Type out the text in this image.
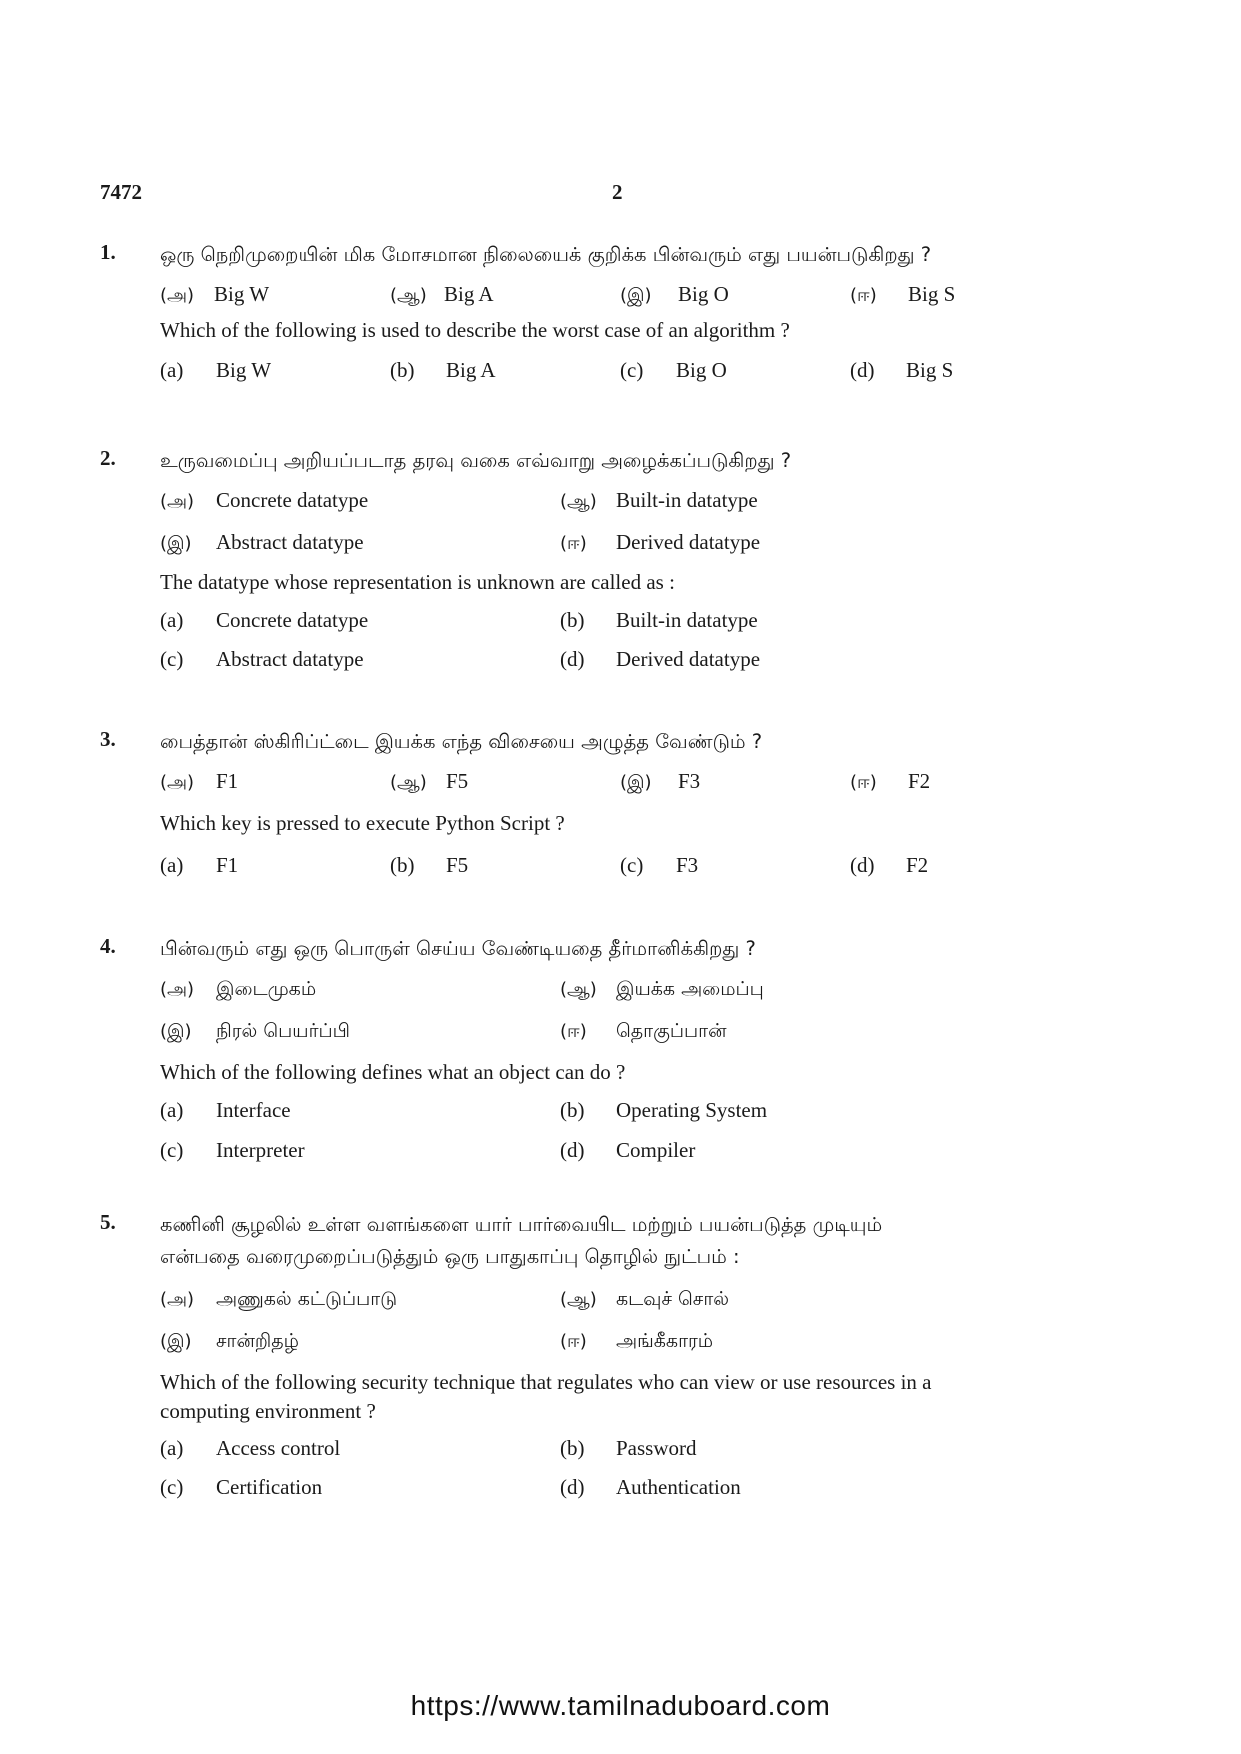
7472	2
1. ஒரு நெறிமுறையின் மிக மோசமான நிலையைக் குறிக்க பின்வரும் எது பயன்படுகிறது ?
(அ) Big W	(ஆ) Big A	(இ) Big O	(ஈ) Big S
Which of the following is used to describe the worst case of an algorithm ?
(a) Big W	(b) Big A	(c) Big O	(d) Big S
2. உருவமைப்பு அறியப்படாத தரவு வகை எவ்வாறு அழைக்கப்படுகிறது ?
(அ) Concrete datatype	(ஆ) Built-in datatype
(இ) Abstract datatype	(ஈ) Derived datatype
The datatype whose representation is unknown are called as :
(a) Concrete datatype	(b) Built-in datatype
(c) Abstract datatype	(d) Derived datatype
3. பைத்தான் ஸ்கிரிப்ட்டை இயக்க எந்த விசையை அழுத்த வேண்டும் ?
(அ) F1	(ஆ) F5	(இ) F3	(ஈ) F2
Which key is pressed to execute Python Script ?
(a) F1	(b) F5	(c) F3	(d) F2
4. பின்வரும் எது ஒரு பொருள் செய்ய வேண்டியதை தீர்மானிக்கிறது ?
(அ) இடைமுகம்	(ஆ) இயக்க அமைப்பு
(இ) நிரல் பெயர்ப்பி	(ஈ) தொகுப்பான்
Which of the following defines what an object can do ?
(a) Interface	(b) Operating System
(c) Interpreter	(d) Compiler
5. கணினி சூழலில் உள்ள வளங்களை யார் பார்வையிட மற்றும் பயன்படுத்த முடியும்
என்பதை வரைமுறைப்படுத்தும் ஒரு பாதுகாப்பு தொழில் நுட்பம் :
(அ) அணுகல் கட்டுப்பாடு	(ஆ) கடவுச் சொல்
(இ) சான்றிதழ்	(ஈ) அங்கீகாரம்
Which of the following security technique that regulates who can view or use resources in a
computing environment ?
(a) Access control	(b) Password
(c) Certification	(d) Authentication
https://www.tamilnaduboard.com
